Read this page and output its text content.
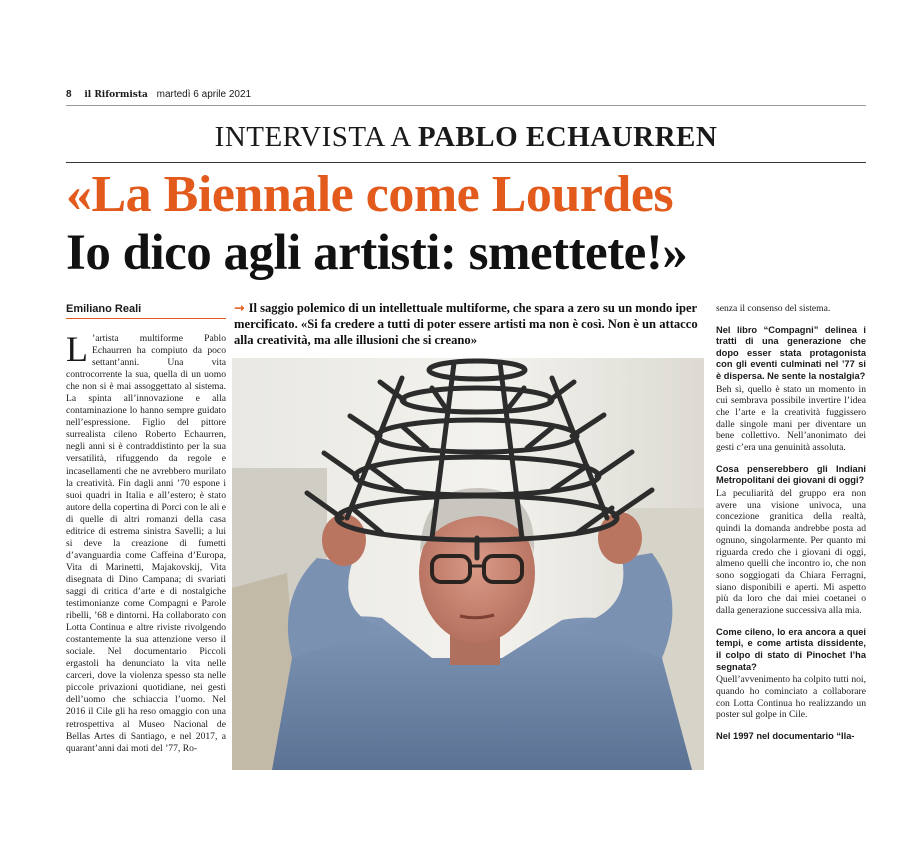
8 il Riformista martedì 6 aprile 2021
INTERVISTA A PABLO ECHAURREN
«La Biennale come Lourdes
Io dico agli artisti: smettete!»
Emiliano Reali

L ’artista multiforme Pablo Echaurren ha compiuto da poco settant’anni. Una vita controcorrente la sua, quella di un uomo che non si è mai assoggettato al sistema. La spinta all’innovazione e alla contaminazione lo hanno sempre guidato nell’espressione. Figlio del pittore surrealista cileno Roberto Echaurren, negli anni si è contraddistinto per la sua versatilità, rifuggendo da regole e incasellamenti che ne avrebbero murilato la creatività. Fin dagli anni ’70 espone i suoi quadri in Italia e all’estero; è stato autore della copertina di Porci con le ali e di quelle di altri romanzi della casa editrice di estrema sinistra Savelli; a lui si deve la creazione di fumetti d’avanguardia come Caffeina d’Europa, Vita di Marinetti, Majakovskij, Vita disegnata di Dino Campana; di svariati saggi di critica d’arte e di nostalgiche testimonianze come Compagni e Parole ribelli, ’68 e dintorni. Ha collaborato con Lotta Continua e altre riviste rivolgendo costantemente la sua attenzione verso il sociale. Nel documentario Piccoli ergastoli ha denunciato la vita nelle carceri, dove la violenza spesso sta nelle piccole privazioni quotidiane, nei gesti dell’uomo che schiaccia l’uomo. Nel 2016 il Cile gli ha reso omaggio con una retrospettiva al Museo Nacional de Bellas Artes di Santiago, e nel 2017, a quarant’anni dai moti del ’77, Ro-

→ Il saggio polemico di un intellettuale multiforme, che spara a zero su un mondo iper mercificato. «Si fa credere a tutti di poter essere artisti ma non è così. Non è un attacco alla creatività, ma alle illusioni che si creano»

senza il consenso del sistema.

Nel libro “Compagni” delinea i tratti di una generazione che dopo esser stata protagonista con gli eventi culminati nel ’77 si è dispersa. Ne sente la nostalgia?

Beh sì, quello è stato un momento in cui sembrava possibile invertire l’idea che l’arte e la creatività fuggissero dalle singole mani per diventare un bene collettivo. Nell’anonimato dei gesti c’era una genuinità assoluta.

Cosa penserebbero gli Indiani Metropolitani dei giovani di oggi?

La peculiarità del gruppo era non avere una visione univoca, una concezione granitica della realtà, quindi la domanda andrebbe posta ad ognuno, singolarmente. Per quanto mi riguarda credo che i giovani di oggi, almeno quelli che incontro io, che non sono soggiogati da Chiara Ferragni, siano disponibili e aperti. Mi aspetto più da loro che dai miei coetanei o dalla generazione successiva alla mia.

Come cileno, lo era ancora a quei tempi, e come artista dissidente, il colpo di stato di Pinochet l’ha segnata?

Quell’avvenimento ha colpito tutti noi, quando ho cominciato a collaborare con Lotta Continua ho realizzando un poster sul golpe in Cile.

Nel 1997 nel documentario “Ila-
